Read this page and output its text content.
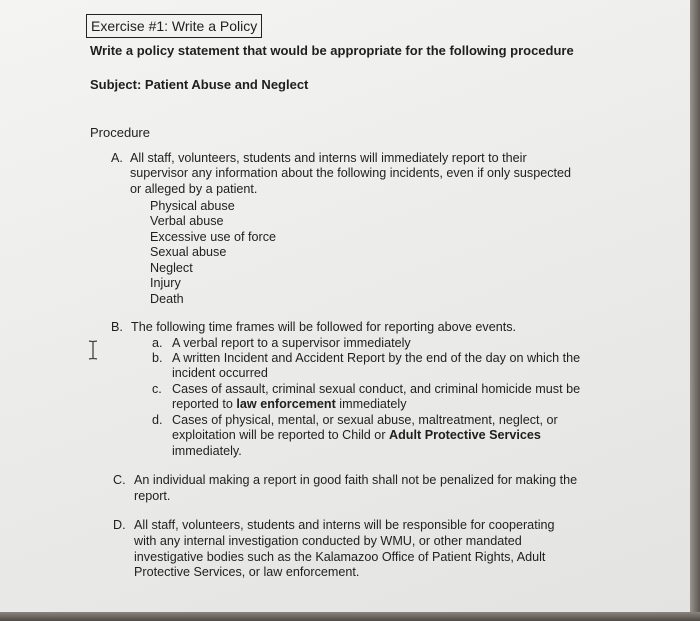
Exercise #1: Write a Policy
Write a policy statement that would be appropriate for the following procedure
Subject: Patient Abuse and Neglect
Procedure
A. All staff, volunteers, students and interns will immediately report to their
supervisor any information about the following incidents, even if only suspected
or alleged by a patient.
Physical abuse
Verbal abuse
Excessive use of force
Sexual abuse
Neglect
Injury
Death
B. The following time frames will be followed for reporting above events.
a. A verbal report to a supervisor immediately
b. A written Incident and Accident Report by the end of the day on which the
incident occurred
c. Cases of assault, criminal sexual conduct, and criminal homicide must be
reported to law enforcement immediately
d. Cases of physical, mental, or sexual abuse, maltreatment, neglect, or
exploitation will be reported to Child or Adult Protective Services
immediately.
C. An individual making a report in good faith shall not be penalized for making the
report.
D. All staff, volunteers, students and interns will be responsible for cooperating
with any internal investigation conducted by WMU, or other mandated
investigative bodies such as the Kalamazoo Office of Patient Rights, Adult
Protective Services, or law enforcement.
